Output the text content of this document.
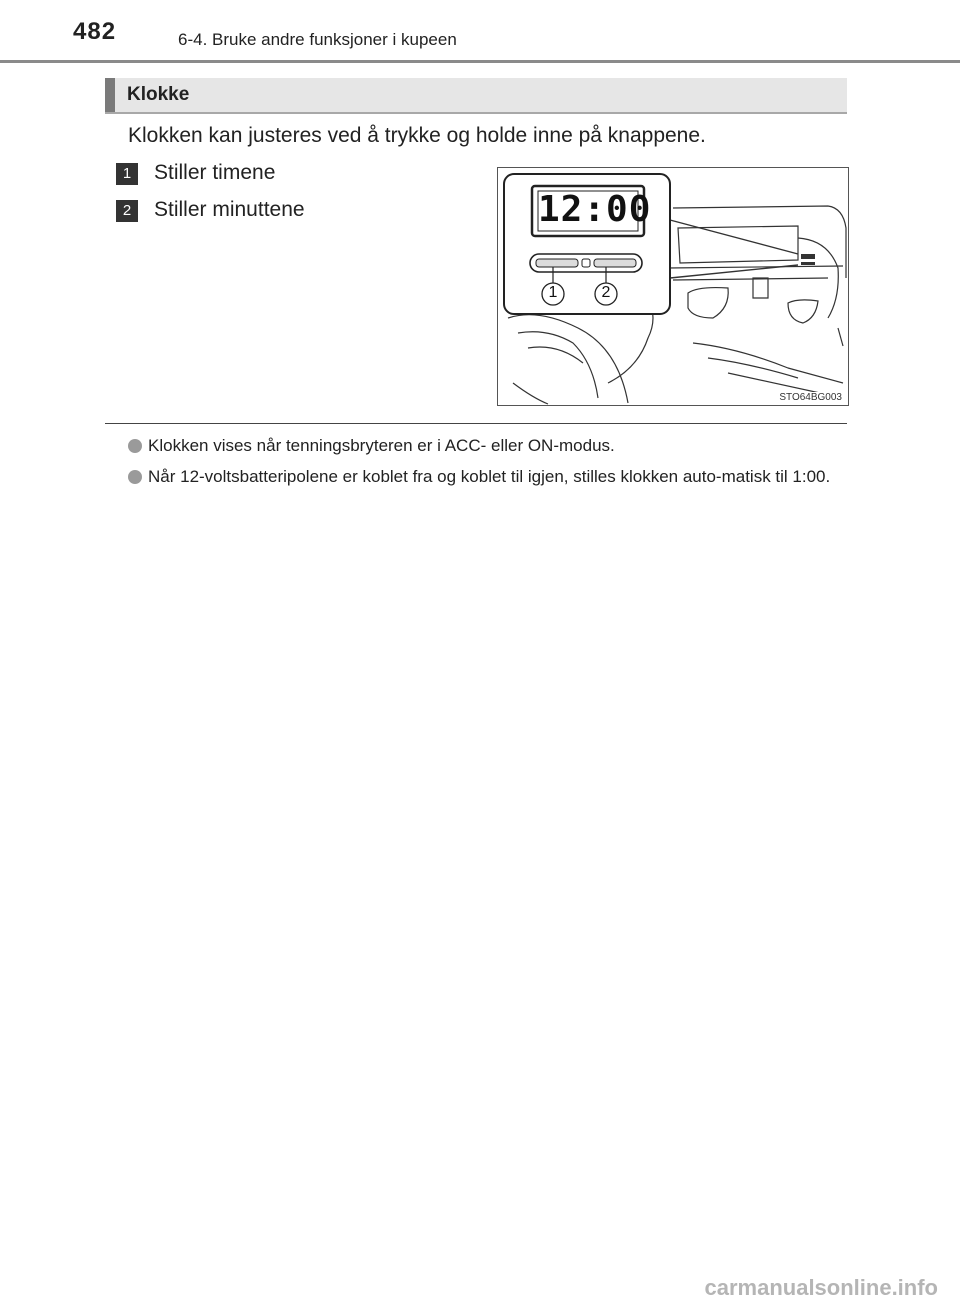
482	6-4. Bruke andre funksjoner i kupeen
Klokke
Klokken kan justeres ved å trykke og holde inne på knappene.
1	Stiller timene
2	Stiller minuttene	12:00
1	2
STO64BG003
Klokken vises når tenningsbryteren er i ACC- eller ON-modus.
Når 12-voltsbatteripolene er koblet fra og koblet til igjen, stilles klokken auto-matisk til 1:00.
carmanualsonline.info
